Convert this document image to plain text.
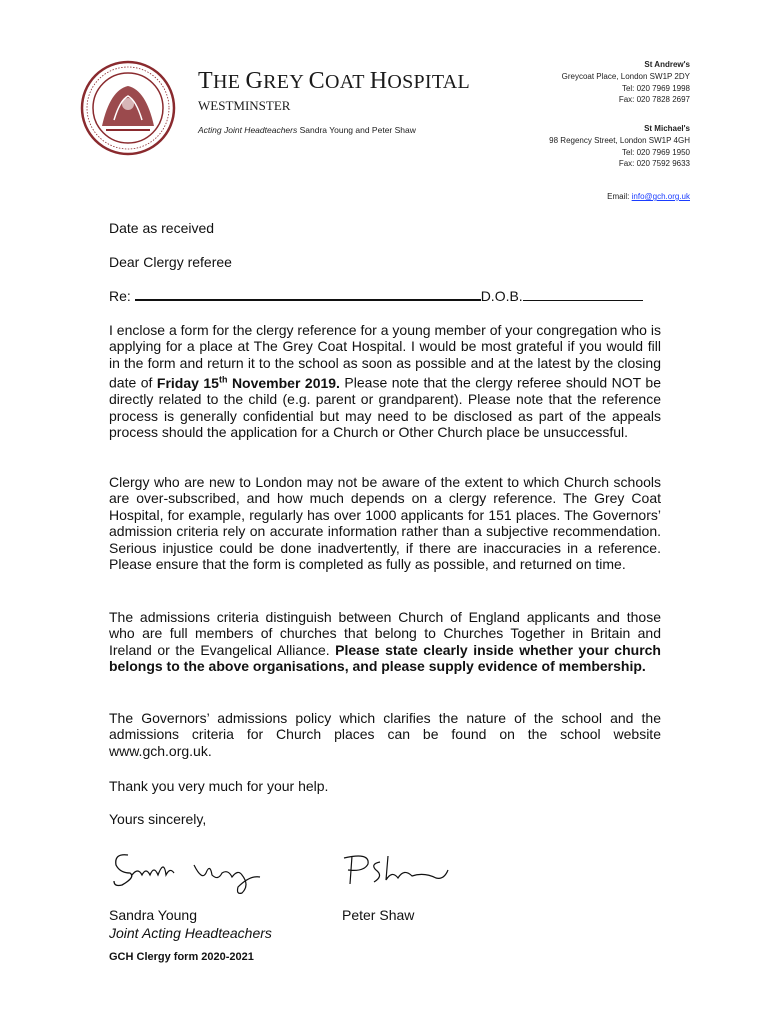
THE GREY COAT HOSPITAL
WESTMINSTER
Acting Joint Headteachers Sandra Young and Peter Shaw
St Andrew's
Greycoat Place, London SW1P 2DY
Tel: 020 7969 1998
Fax: 020 7828 2697
St Michael's
98 Regency Street, London SW1P 4GH
Tel: 020 7969 1950
Fax: 020 7592 9633
Email: info@gch.org.uk
Date as received
Dear Clergy referee
Re:	D.O.B.
I enclose a form for the clergy reference for a young member of your congregation who is applying for a place at The Grey Coat Hospital. I would be most grateful if you would fill in the form and return it to the school as soon as possible and at the latest by the closing date of Friday 15th November 2019. Please note that the clergy referee should NOT be directly related to the child (e.g. parent or grandparent). Please note that the reference process is generally confidential but may need to be disclosed as part of the appeals process should the application for a Church or Other Church place be unsuccessful.
Clergy who are new to London may not be aware of the extent to which Church schools are over-subscribed, and how much depends on a clergy reference. The Grey Coat Hospital, for example, regularly has over 1000 applicants for 151 places. The Governors’ admission criteria rely on accurate information rather than a subjective recommendation. Serious injustice could be done inadvertently, if there are inaccuracies in a reference. Please ensure that the form is completed as fully as possible, and returned on time.
The admissions criteria distinguish between Church of England applicants and those who are full members of churches that belong to Churches Together in Britain and Ireland or the Evangelical Alliance. Please state clearly inside whether your church belongs to the above organisations, and please supply evidence of membership.
The Governors’ admissions policy which clarifies the nature of the school and the admissions criteria for Church places can be found on the school website www.gch.org.uk.
Thank you very much for your help.
Yours sincerely,
Sandra Young	Peter Shaw
Joint Acting Headteachers
GCH Clergy form 2020-2021
